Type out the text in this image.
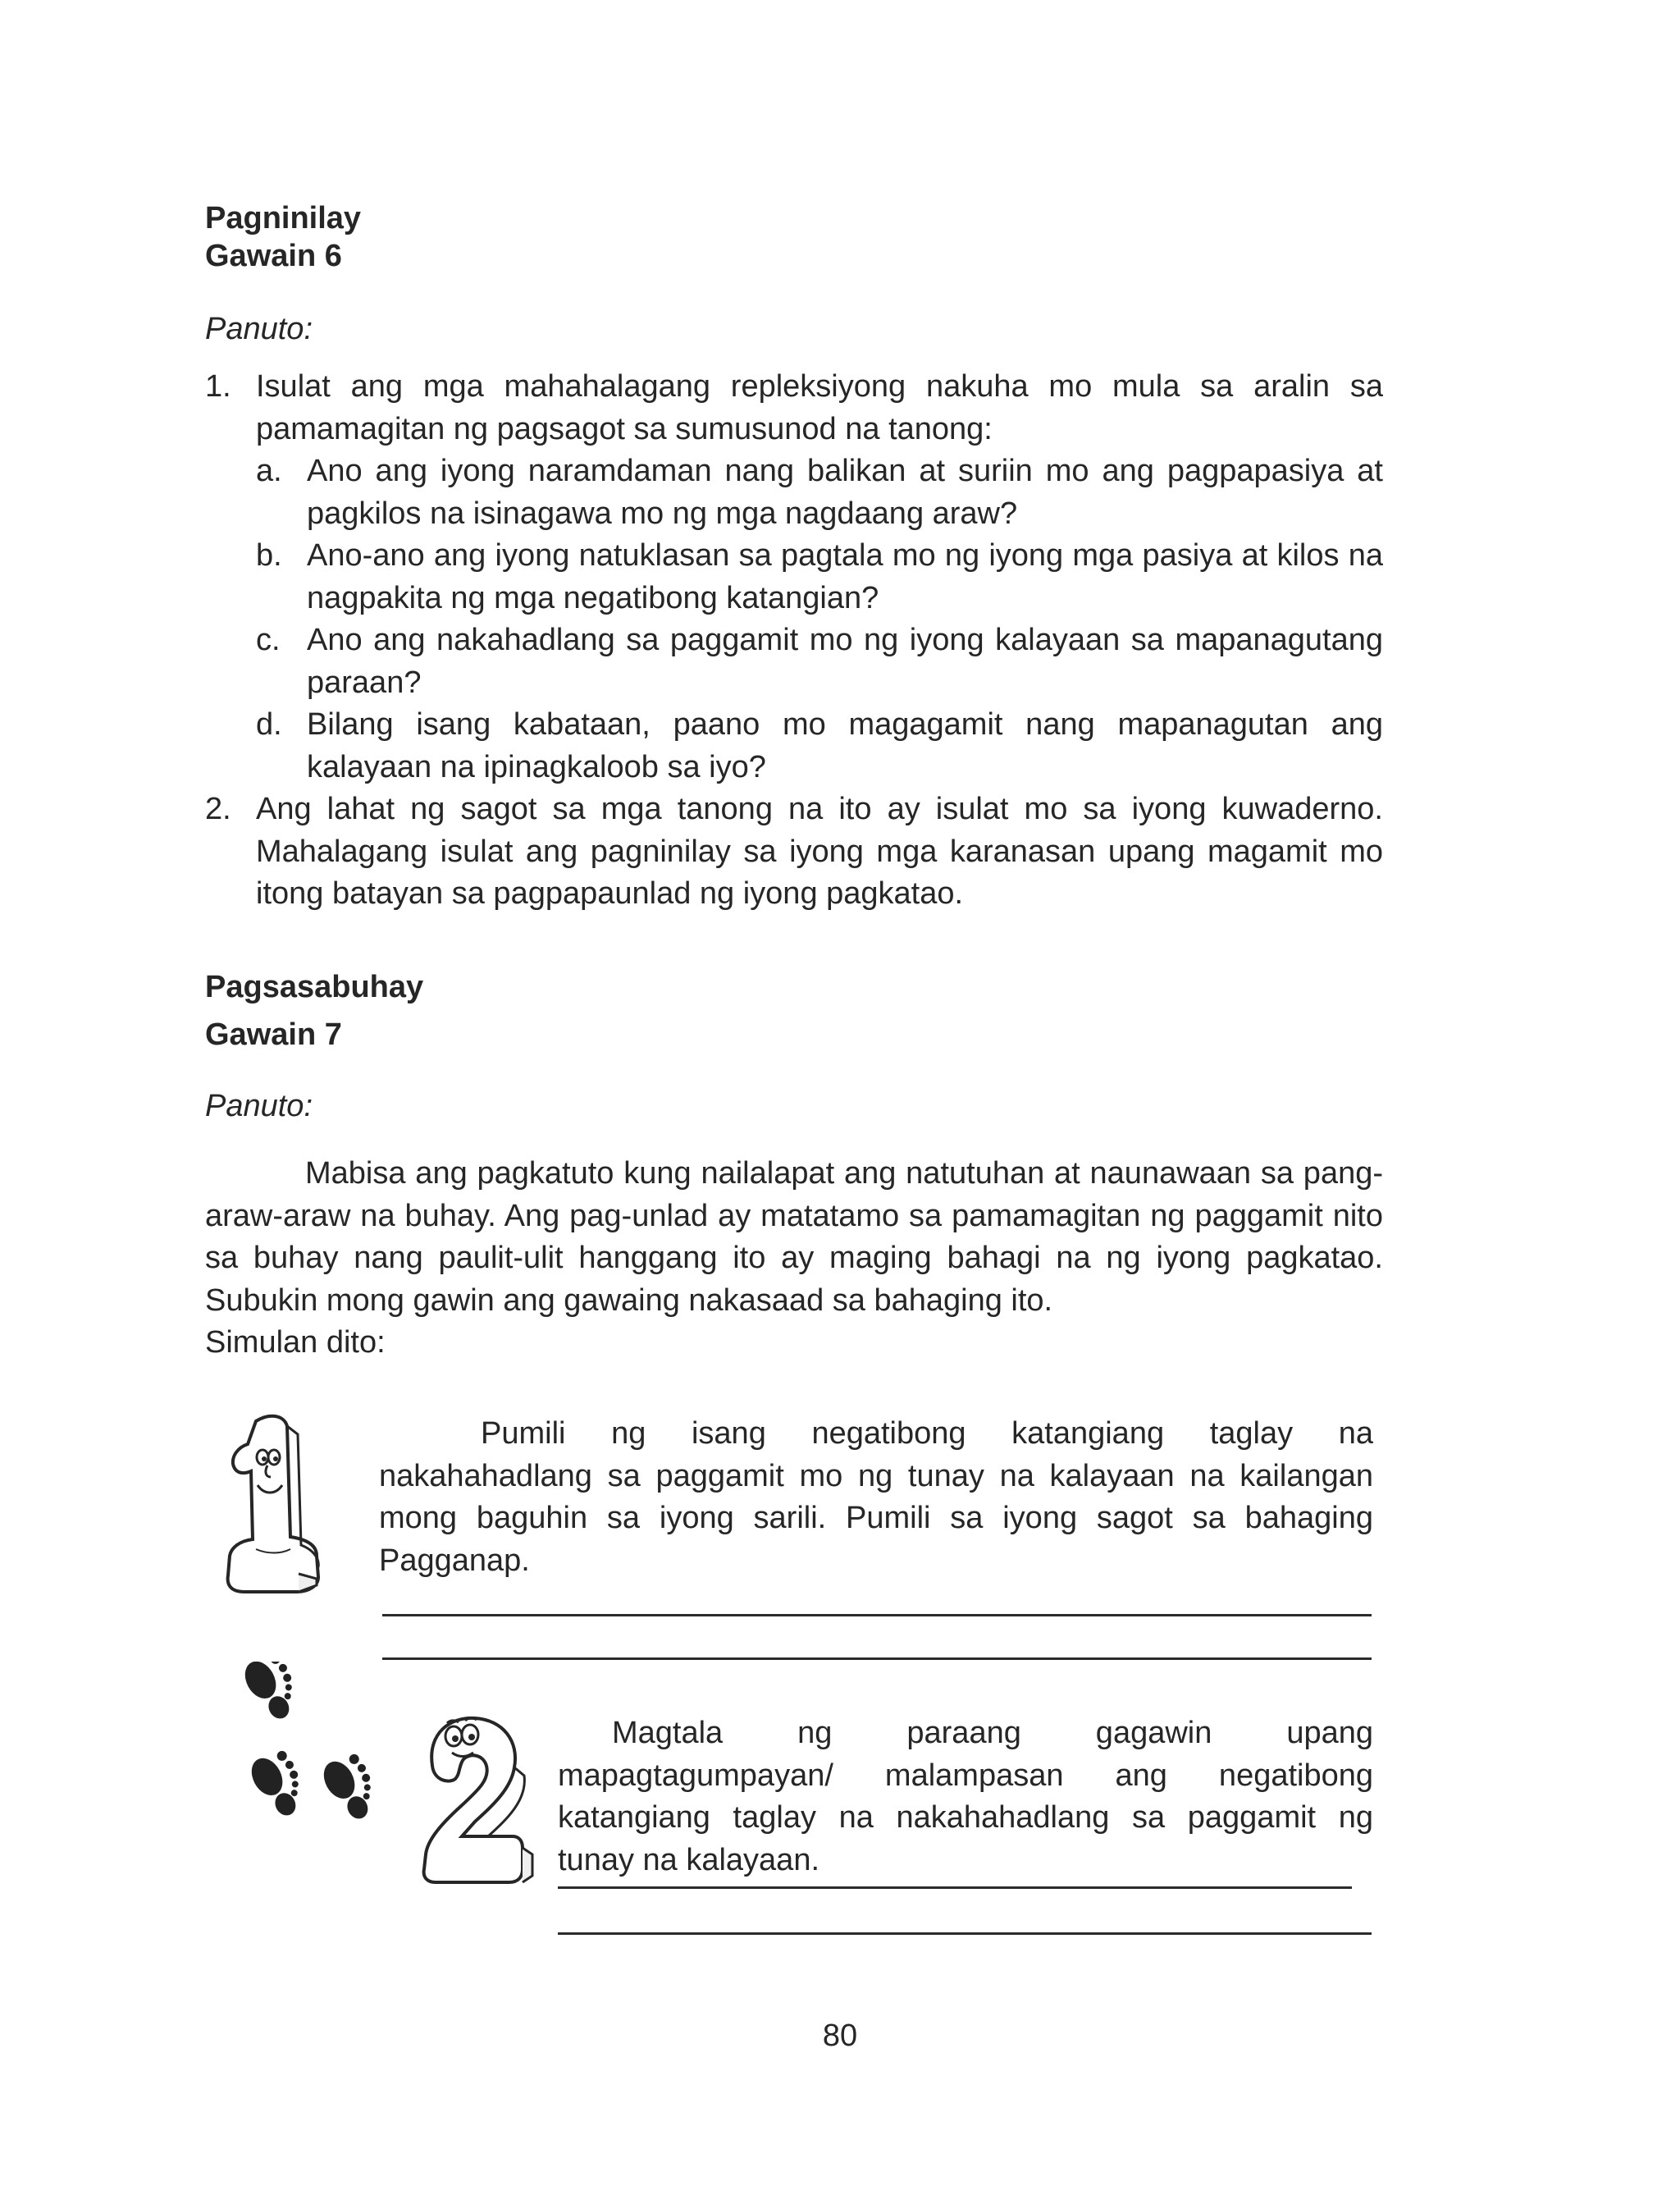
Pagninilay
Gawain 6
Panuto:
1. Isulat ang mga mahahalagang repleksiyong nakuha mo mula sa aralin sa pamamagitan ng pagsagot sa sumusunod na tanong:

a. Ano ang iyong naramdaman nang balikan at suriin mo ang pagpapasiya at pagkilos na isinagawa mo ng mga nagdaang araw?

b. Ano-ano ang iyong natuklasan sa pagtala mo ng iyong mga pasiya at kilos na nagpakita ng mga negatibong katangian?

c. Ano ang nakahadlang sa paggamit mo ng iyong kalayaan sa mapanagutang paraan?

d. Bilang isang kabataan, paano mo magagamit nang mapanagutan ang kalayaan na ipinagkaloob sa iyo?

2. Ang lahat ng sagot sa mga tanong na ito ay isulat mo sa iyong kuwaderno. Mahalagang isulat ang pagninilay sa iyong mga karanasan upang magamit mo itong batayan sa pagpapaunlad ng iyong pagkatao.

Pagsasabuhay
Gawain 7
Panuto:

Mabisa ang pagkatuto kung nailalapat ang natutuhan at naunawaan sa pang-araw-araw na buhay. Ang pag-unlad ay matatamo sa pamamagitan ng paggamit nito sa buhay nang paulit-ulit hanggang ito ay maging bahagi na ng iyong pagkatao. Subukin mong gawin ang gawaing nakasaad sa bahaging ito.

Simulan dito:

Pumili ng isang negatibong katangiang taglay na nakahahadlang sa paggamit mo ng tunay na kalayaan na kailangan mong baguhin sa iyong sarili. Pumili sa iyong sagot sa bahaging Pagganap.

Magtala ng paraang gagawin upang mapagtagumpayan/ malampasan ang negatibong katangiang taglay na nakahahadlang sa paggamit ng tunay na kalayaan.

80
